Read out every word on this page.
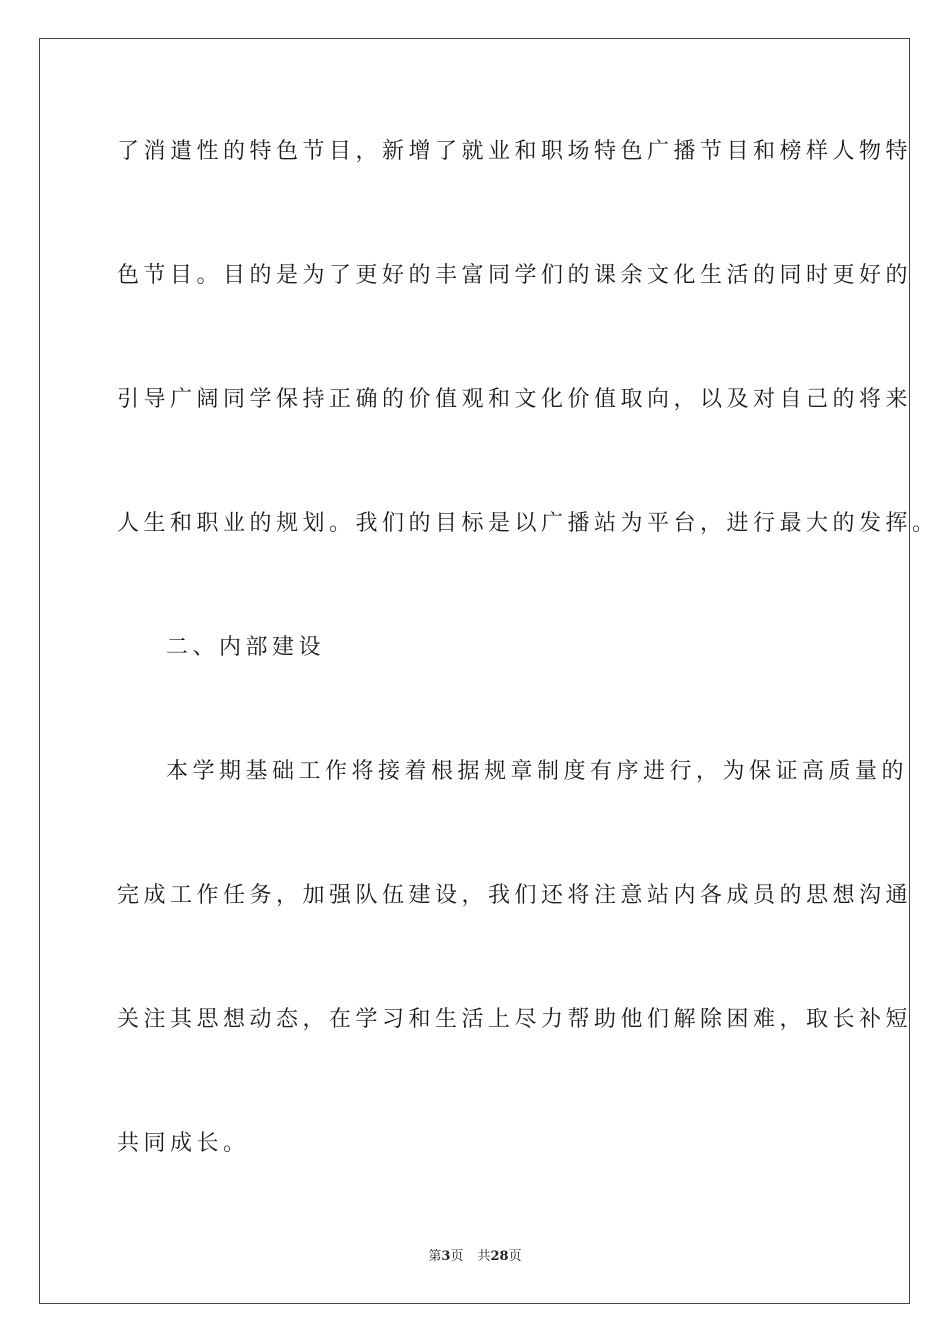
了消遣性的特色节目，新增了就业和职场特色广播节目和榜样人物特
色节目。目的是为了更好的丰富同学们的课余文化生活的同时更好的
引导广阔同学保持正确的价值观和文化价值取向，以及对自己的将来
人生和职业的规划。我们的目标是以广播站为平台，进行最大的发挥。
二、内部建设
本学期基础工作将接着根据规章制度有序进行，为保证高质量的
完成工作任务，加强队伍建设，我们还将注意站内各成员的思想沟通
关注其思想动态，在学习和生活上尽力帮助他们解除困难，取长补短
共同成长。
第3页 共28页
